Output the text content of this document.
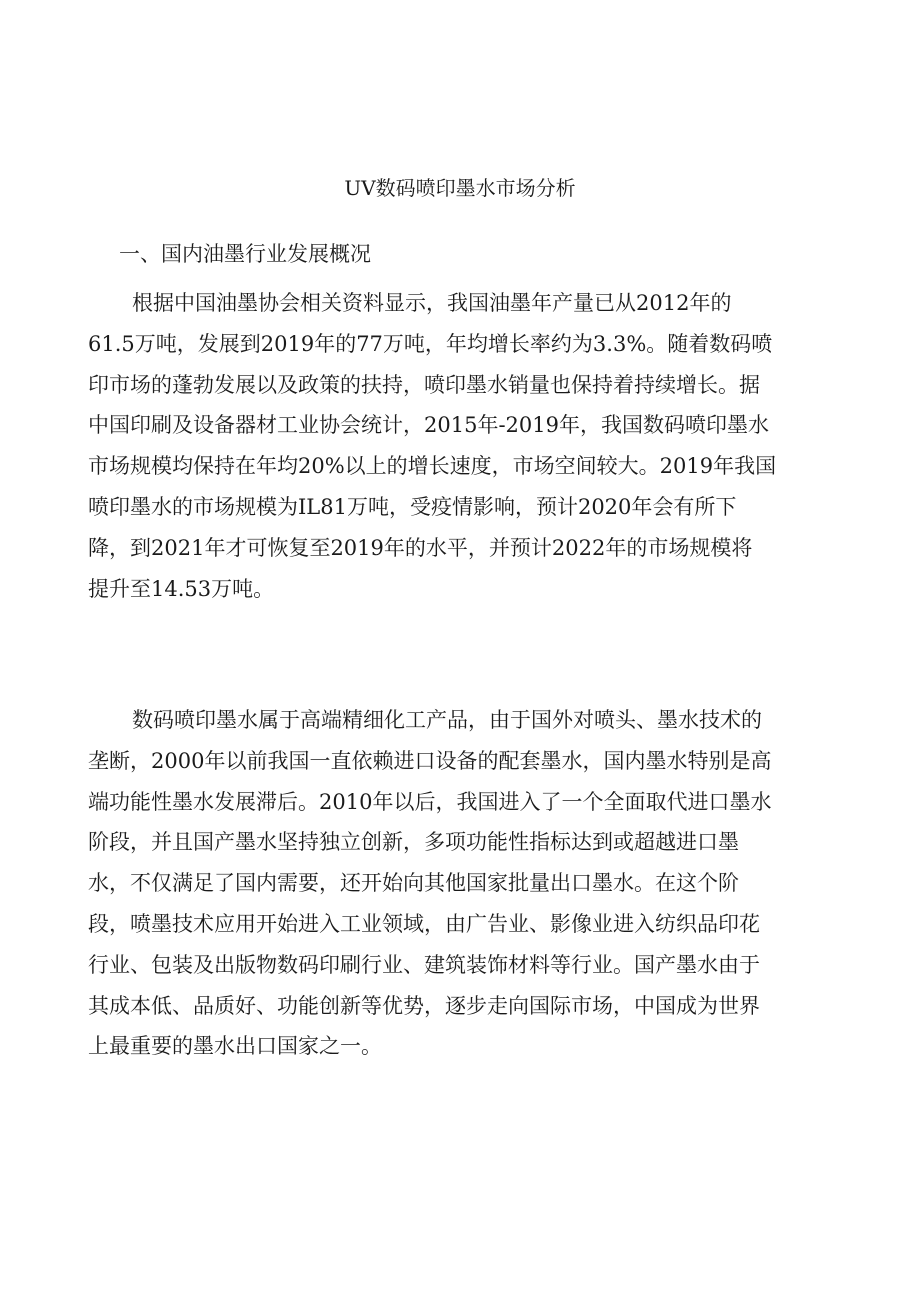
UV数码喷印墨水市场分析
一、国内油墨行业发展概况
根据中国油墨协会相关资料显示，我国油墨年产量已从2012年的
61.5万吨，发展到2019年的77万吨，年均增长率约为3.3%。随着数码喷
印市场的蓬勃发展以及政策的扶持，喷印墨水销量也保持着持续增长。据
中国印刷及设备器材工业协会统计，2015年-2019年，我国数码喷印墨水
市场规模均保持在年均20%以上的增长速度，市场空间较大。2019年我国
喷印墨水的市场规模为IL81万吨，受疫情影响，预计2020年会有所下
降，到2021年才可恢复至2019年的水平，并预计2022年的市场规模将
提升至14.53万吨。
数码喷印墨水属于高端精细化工产品，由于国外对喷头、墨水技术的
垄断，2000年以前我国一直依赖进口设备的配套墨水，国内墨水特别是高
端功能性墨水发展滞后。2010年以后，我国进入了一个全面取代进口墨水
阶段，并且国产墨水坚持独立创新，多项功能性指标达到或超越进口墨
水，不仅满足了国内需要，还开始向其他国家批量出口墨水。在这个阶
段，喷墨技术应用开始进入工业领域，由广告业、影像业进入纺织品印花
行业、包装及出版物数码印刷行业、建筑装饰材料等行业。国产墨水由于
其成本低、品质好、功能创新等优势，逐步走向国际市场，中国成为世界
上最重要的墨水出口国家之一。
